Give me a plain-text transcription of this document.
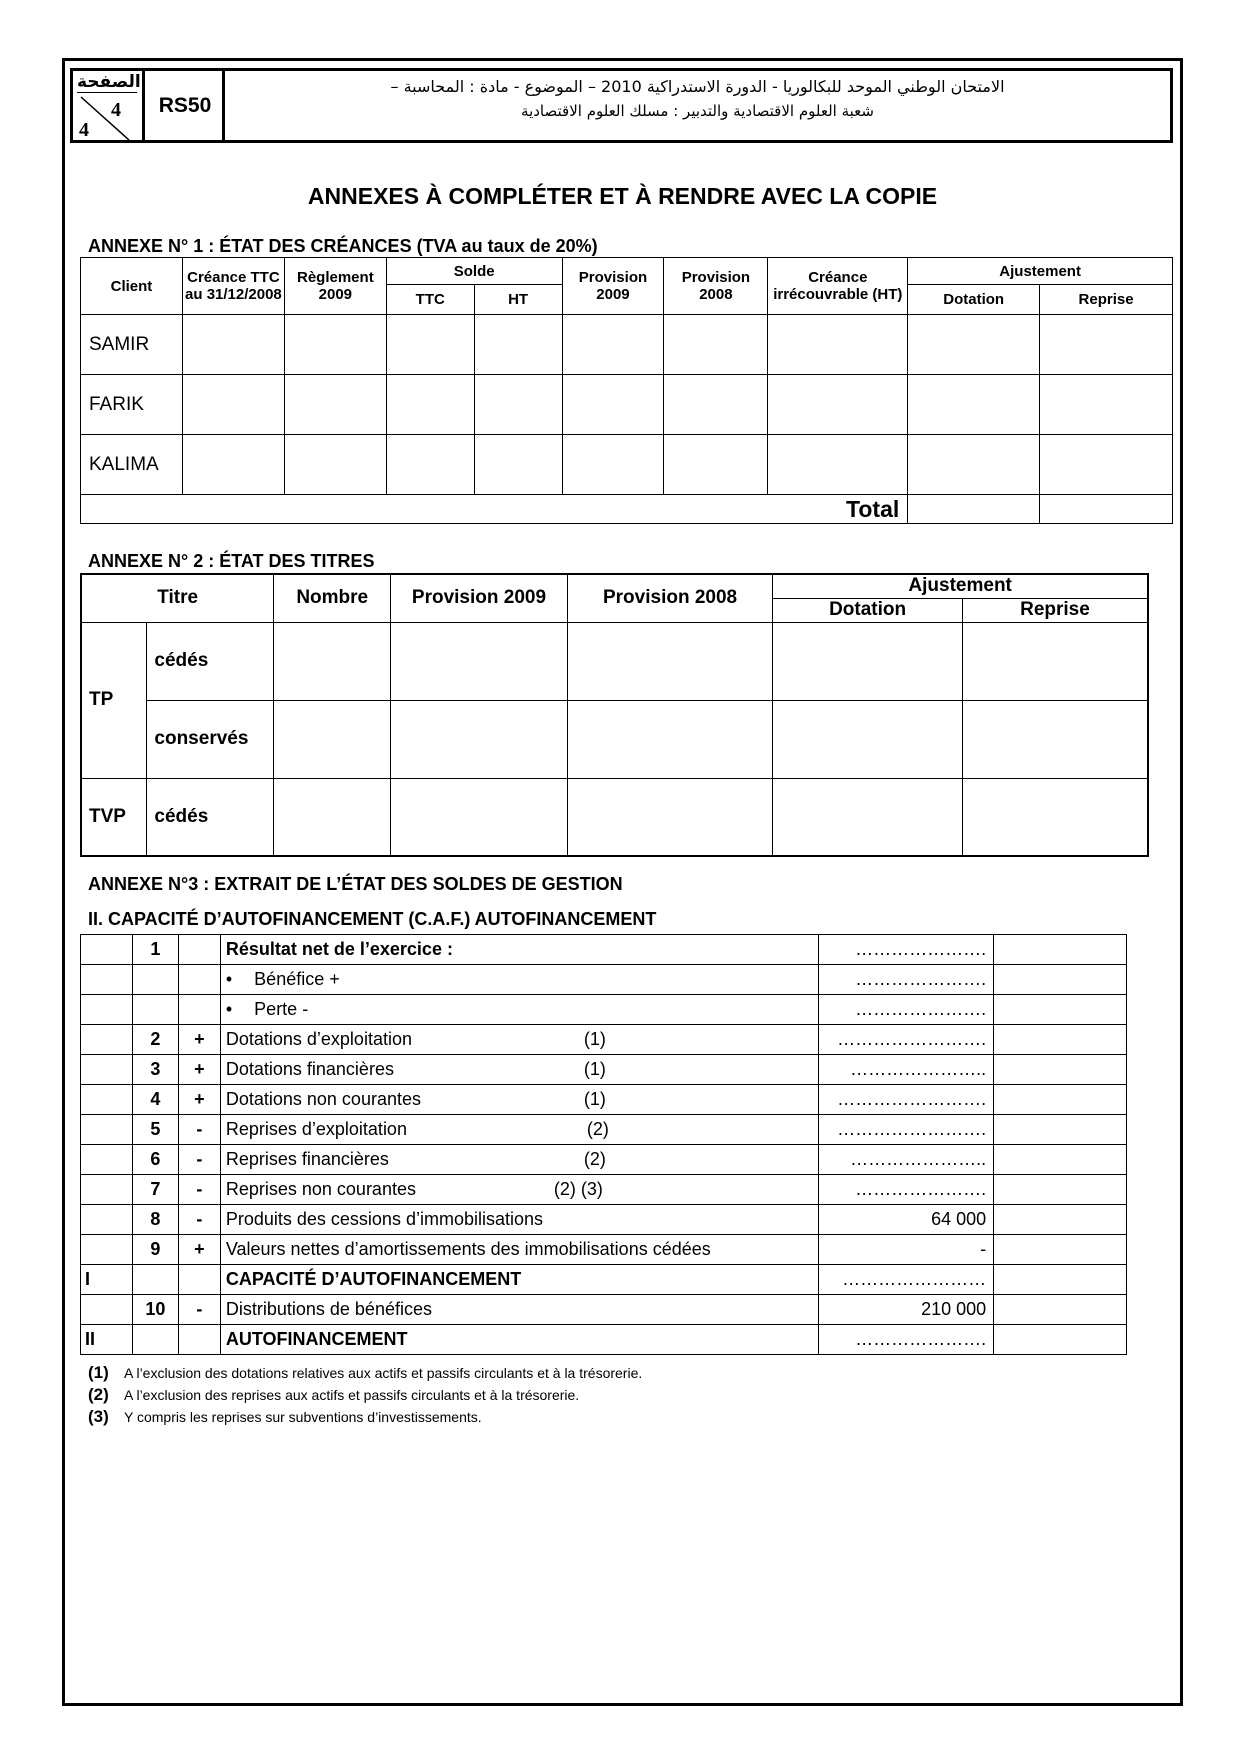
الصفحة
4
4
RS50
الامتحان الوطني الموحد للبكالوريا - الدورة الاستدراكية 2010 – الموضوع - مادة : المحاسبة –
شعبة العلوم الاقتصادية والتدبير : مسلك العلوم الاقتصادية
ANNEXES À COMPLÉTER ET À RENDRE AVEC LA COPIE
ANNEXE N° 1 : ÉTAT DES CRÉANCES (TVA au taux de 20%)
Client	Créance TTC au 31/12/2008	Règlement 2009	Solde		Provision 2009	Provision 2008	Créance irrécouvrable (HT)	Ajustement	
			TTC	HT				Dotation	Reprise
SAMIR									
FARIK									
KALIMA									
Total									
ANNEXE N° 2 : ÉTAT DES TITRES
Titre		Nombre	Provision 2009	Provision 2008	Ajustement	
					Dotation	Reprise
TP	cédés					
	conservés					
TVP	cédés					
ANNEXE N°3 : EXTRAIT DE L’ÉTAT DES SOLDES DE GESTION
II. CAPACITÉ D’AUTOFINANCEMENT (C.A.F.) AUTOFINANCEMENT
	1		Résultat net de l’exercice :	………………….	
			• Bénéfice +	………………….	
			• Perte -	………………….	
	2	+	Dotations d’exploitation (1)	…………………….	
	3	+	Dotations financières (1)	…………………..	
	4	+	Dotations non courantes (1)	…………………….	
	5	-	Reprises d’exploitation (2)	…………………….	
	6	-	Reprises financières (2)	…………………..	
	7	-	Reprises non courantes (2) (3)	………………….	
	8	-	Produits des cessions d’immobilisations	64 000	
	9	+	Valeurs nettes d’amortissements des immobilisations cédées	-	
I			CAPACITÉ D’AUTOFINANCEMENT	……………………	
	10	-	Distributions de bénéfices	210 000	
II			AUTOFINANCEMENT	………………….	
(1) A l’exclusion des dotations relatives aux actifs et passifs circulants et à la trésorerie.
(2) A l’exclusion des reprises aux actifs et passifs circulants et à la trésorerie.
(3) Y compris les reprises sur subventions d’investissements.
